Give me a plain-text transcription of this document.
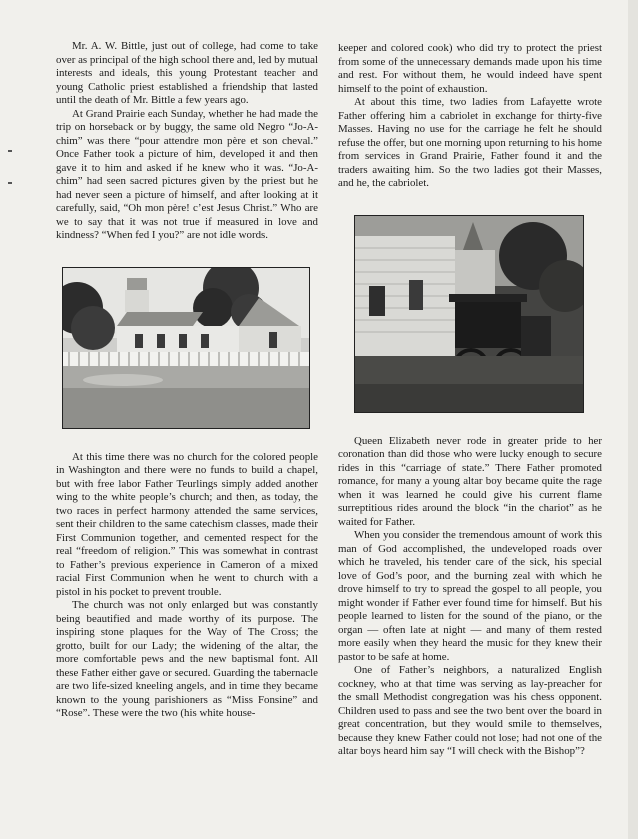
Mr. A. W. Bittle, just out of college, had come to take over as principal of the high school there and, led by mutual interests and ideals, this young Protestant teacher and young Catholic priest established a friendship that lasted until the death of Mr. Bittle a few years ago.

At Grand Prairie each Sunday, whether he had made the trip on horseback or by buggy, the same old Negro “Jo-A-chim” was there “pour attendre mon père et son cheval.” Once Father took a picture of him, developed it and then gave it to him and asked if he knew who it was. “Jo-A-chim” had seen sacred pictures given by the priest but he had never seen a picture of himself, and after looking at it carefully, said, “Oh mon père! c’est Jesus Christ.” Who are we to say that it was not true if measured in love and kindness? “When fed I you?” are not idle words.

At this time there was no church for the colored people in Washington and there were no funds to build a chapel, but with free labor Father Teurlings simply added another wing to the white people’s church; and then, as today, the two races in perfect harmony attended the same services, sent their children to the same catechism classes, made their First Communion together, and cemented respect for the real “freedom of religion.” This was somewhat in contrast to Father’s previous experience in Cameron of a mixed racial First Communion when he went to church with a pistol in his pocket to prevent trouble.

The church was not only enlarged but was constantly being beautified and made worthy of its purpose. The inspiring stone plaques for the Way of The Cross; the grotto, built for our Lady; the widening of the altar, the more comfortable pews and the new baptismal font. All these Father either gave or secured. Guarding the tabernacle are two life-sized kneeling angels, and in time they became known to the young parishioners as “Miss Fonsine” and “Rose”. These were the two (his white house-

keeper and colored cook) who did try to protect the priest from some of the unnecessary demands made upon his time and rest. For without them, he would indeed have spent himself to the point of exhaustion.

At about this time, two ladies from Lafayette wrote Father offering him a cabriolet in exchange for thirty-five Masses. Having no use for the carriage he felt he should refuse the offer, but one morning upon returning to his home from services in Grand Prairie, Father found it and the traders awaiting him. So the two ladies got their Masses, and he, the cabriolet.

Queen Elizabeth never rode in greater pride to her coronation than did those who were lucky enough to secure rides in this “carriage of state.” There Father promoted romance, for many a young altar boy became quite the rage when it was learned he could give his current flame surreptitious rides around the block “in the chariot” as he waited for Father.

When you consider the tremendous amount of work this man of God accomplished, the undeveloped roads over which he traveled, his tender care of the sick, his special love of God’s poor, and the burning zeal with which he drove himself to try to spread the gospel to all people, you might wonder if Father ever found time for himself. But his people learned to listen for the sound of the piano, or the organ — often late at night — and many of them rested more easily when they heard the music for they knew their pastor to be safe at home.

One of Father’s neighbors, a naturalized English cockney, who at that time was serving as lay-preacher for the small Methodist congregation was his chess opponent. Children used to pass and see the two bent over the board in great concentration, but they would smile to themselves, because they knew Father could not lose; had not one of the altar boys heard him say “I will check with the Bishop”?
